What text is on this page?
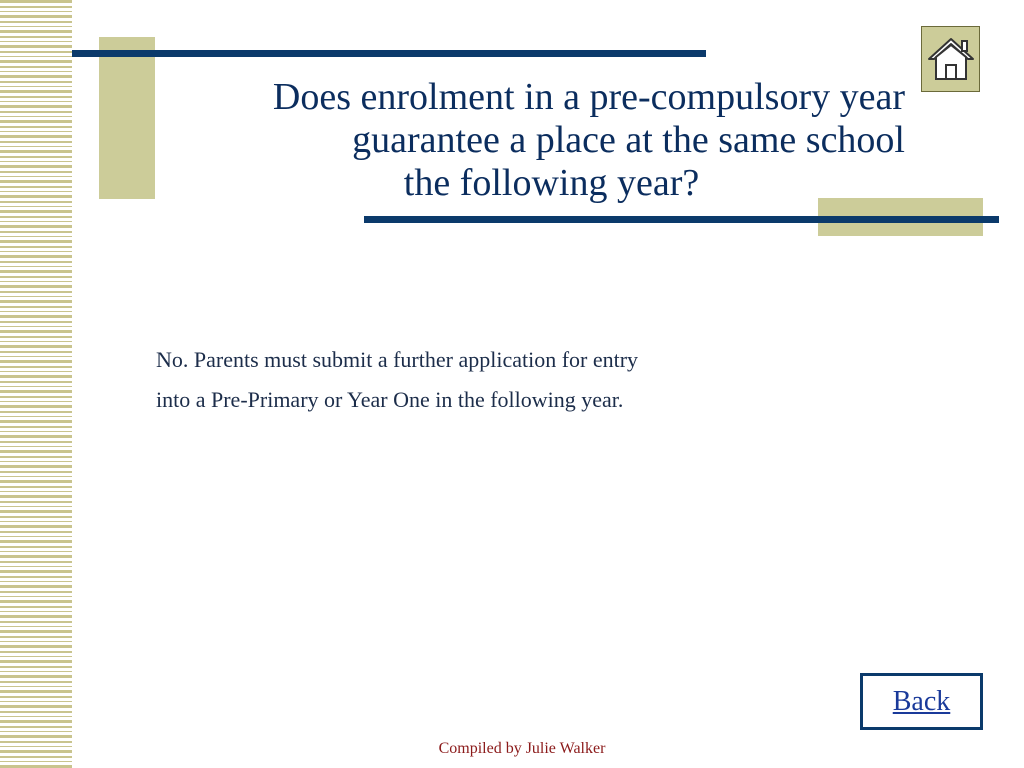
Does enrolment in a pre-compulsory year
guarantee a place at the same school
the following year?

No. Parents must submit a further application for entry
into a Pre-Primary or Year One in the following year.

Back
Compiled by Julie Walker
